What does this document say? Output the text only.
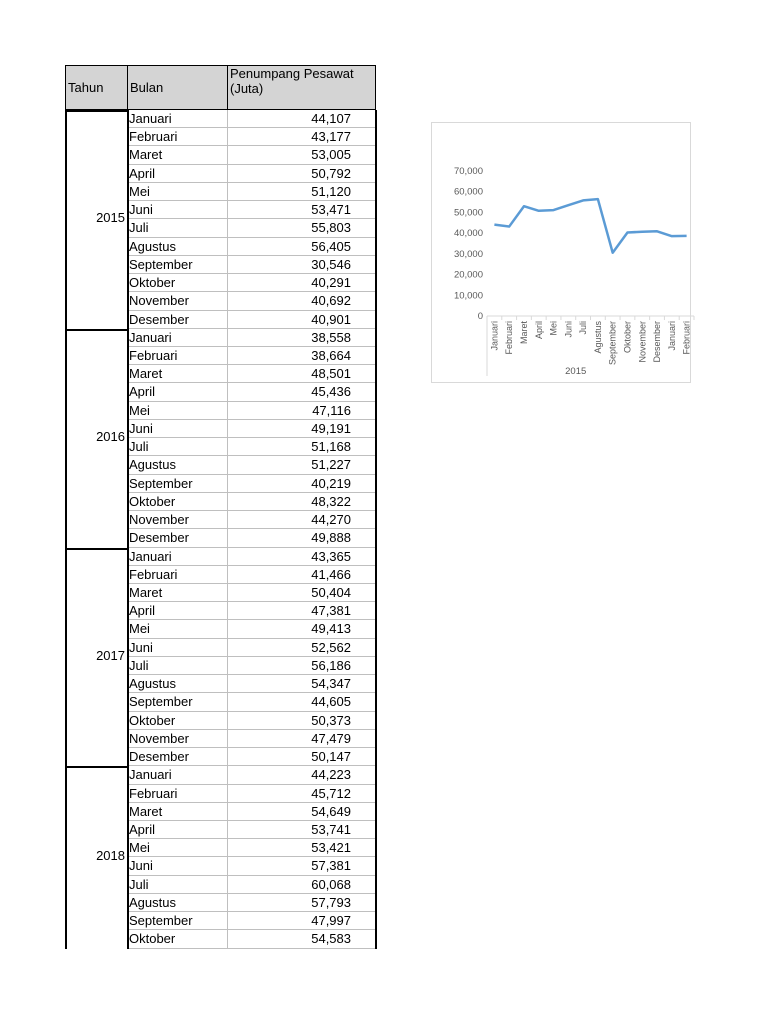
Tahun Bulan
Penumpang Pesawat (Juta)
2015
Januari	44,107
Februari	43,177
Maret	53,005
April	50,792
Mei	51,120
Juni	53,471
Juli	55,803
Agustus	56,405
September	30,546
Oktober	40,291
November	40,692
Desember	40,901
2016
Januari	38,558
Februari	38,664
Maret	48,501
April	45,436
Mei	47,116
Juni	49,191
Juli	51,168
Agustus	51,227
September	40,219
Oktober	48,322
November	44,270
Desember	49,888
2017
Januari	43,365
Februari	41,466
Maret	50,404
April	47,381
Mei	49,413
Juni	52,562
Juli	56,186
Agustus	54,347
September	44,605
Oktober	50,373
November	47,479
Desember	50,147
2018
Januari	44,223
Februari	45,712
Maret	54,649
April	53,741
Mei	53,421
Juni	57,381
Juli	60,068
Agustus	57,793
September	47,997
Oktober	54,583
0
10,000
20,000
30,000
40,000
50,000
60,000
70,000
Januari Februari Maret April Mei Juni Juli Agustus September Oktober November Desember Januari Februari
2015
